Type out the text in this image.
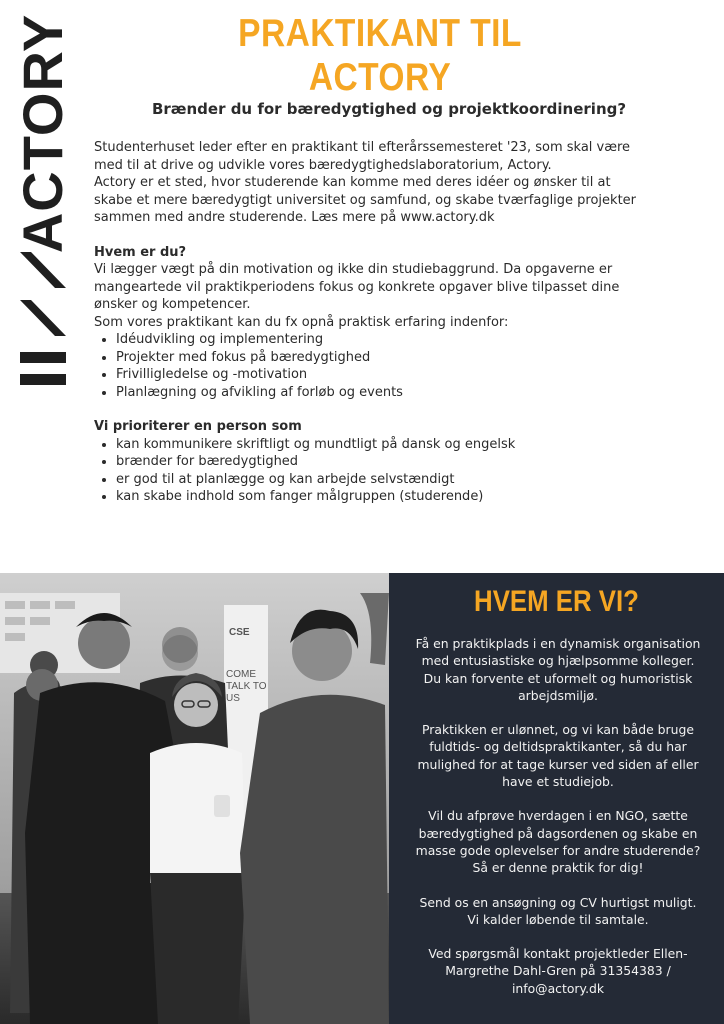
ACTORY	PRAKTIKANT TIL ACTORY
Brænder du for bæredygtighed og projektkoordinering?

Studenterhuset leder efter en praktikant til efterårssemesteret '23, som skal være med til at drive og udvikle vores bæredygtighedslaboratorium, Actory.

Actory er et sted, hvor studerende kan komme med deres idéer og ønsker til at skabe et mere bæredygtigt universitet og samfund, og skabe tværfaglige projekter sammen med andre studerende. Læs mere på www.actory.dk

Hvem er du?

Vi lægger vægt på din motivation og ikke din studiebaggrund. Da opgaverne er mangeartede vil praktikperiodens fokus og konkrete opgaver blive tilpasset dine ønsker og kompetencer.

Som vores praktikant kan du fx opnå praktisk erfaring indenfor:

• Idéudvikling og implementering
• Projekter med fokus på bæredygtighed
• Frivilligledelse og -motivation
• Planlægning og afvikling af forløb og events
Vi prioriterer en person som
• kan kommunikere skriftligt og mundtligt på dansk og engelsk
• brænder for bæredygtighed
• er god til at planlægge og kan arbejde selvstændigt
• kan skabe indhold som fanger målgruppen (studerende)
CSE
COME TALK TO US
HVEM ER VI?

Få en praktikplads i en dynamisk organisation med entusiastiske og hjælpsomme kolleger. Du kan forvente et uformelt og humoristisk arbejdsmiljø.

Praktikken er ulønnet, og vi kan både bruge fuldtids- og deltidspraktikanter, så du har mulighed for at tage kurser ved siden af eller have et studiejob.

Vil du afprøve hverdagen i en NGO, sætte bæredygtighed på dagsordenen og skabe en masse gode oplevelser for andre studerende? Så er denne praktik for dig!

Send os en ansøgning og CV hurtigst muligt. Vi kalder løbende til samtale.

Ved spørgsmål kontakt projektleder Ellen-Margrethe Dahl-Gren på 31354383 / info@actory.dk
